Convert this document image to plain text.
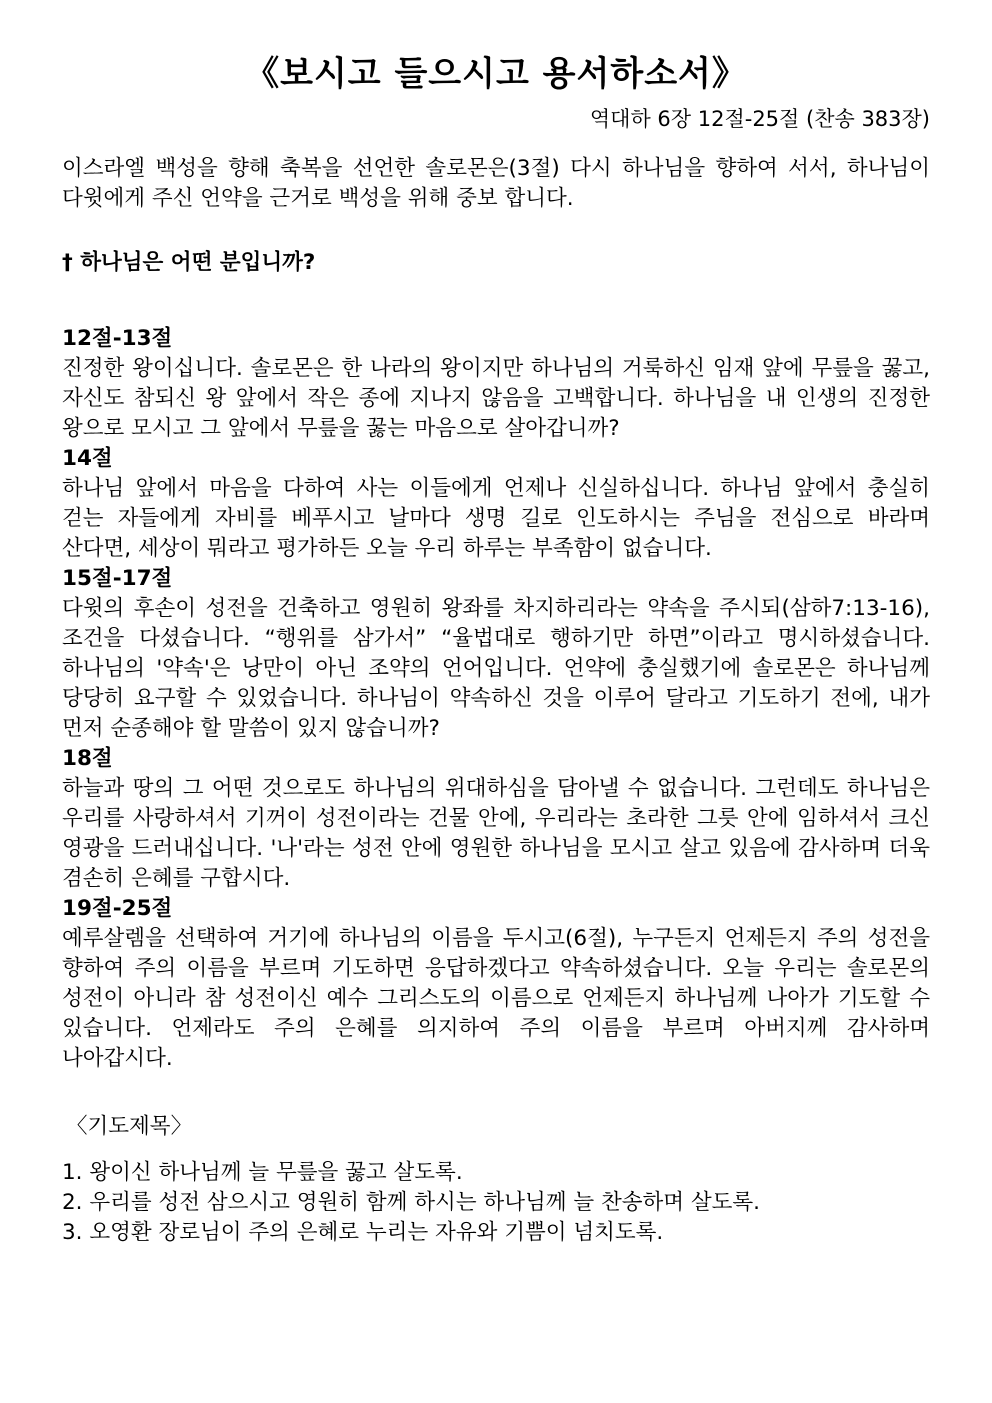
《보시고 들으시고 용서하소서》
역대하 6장 12절-25절 (찬송 383장)
이스라엘 백성을 향해 축복을 선언한 솔로몬은(3절) 다시 하나님을 향하여 서서, 하나님이 다윗에게 주신 언약을 근거로 백성을 위해 중보 합니다.
† 하나님은 어떤 분입니까?
12절-13절
진정한 왕이십니다. 솔로몬은 한 나라의 왕이지만 하나님의 거룩하신 임재 앞에 무릎을 꿇고, 자신도 참되신 왕 앞에서 작은 종에 지나지 않음을 고백합니다. 하나님을 내 인생의 진정한 왕으로 모시고 그 앞에서 무릎을 꿇는 마음으로 살아갑니까?
14절
하나님 앞에서 마음을 다하여 사는 이들에게 언제나 신실하십니다. 하나님 앞에서 충실히 걷는 자들에게 자비를 베푸시고 날마다 생명 길로 인도하시는 주님을 전심으로 바라며 산다면, 세상이 뭐라고 평가하든 오늘 우리 하루는 부족함이 없습니다.
15절-17절
다윗의 후손이 성전을 건축하고 영원히 왕좌를 차지하리라는 약속을 주시되(삼하7:13-16), 조건을 다셨습니다. “행위를 삼가서” “율법대로 행하기만 하면”이라고 명시하셨습니다. 하나님의 '약속'은 낭만이 아닌 조약의 언어입니다. 언약에 충실했기에 솔로몬은 하나님께 당당히 요구할 수 있었습니다. 하나님이 약속하신 것을 이루어 달라고 기도하기 전에, 내가 먼저 순종해야 할 말씀이 있지 않습니까?
18절
하늘과 땅의 그 어떤 것으로도 하나님의 위대하심을 담아낼 수 없습니다. 그런데도 하나님은 우리를 사랑하셔서 기꺼이 성전이라는 건물 안에, 우리라는 초라한 그릇 안에 임하셔서 크신 영광을 드러내십니다. '나'라는 성전 안에 영원한 하나님을 모시고 살고 있음에 감사하며 더욱 겸손히 은혜를 구합시다.
19절-25절
예루살렘을 선택하여 거기에 하나님의 이름을 두시고(6절), 누구든지 언제든지 주의 성전을 향하여 주의 이름을 부르며 기도하면 응답하겠다고 약속하셨습니다. 오늘 우리는 솔로몬의 성전이 아니라 참 성전이신 예수 그리스도의 이름으로 언제든지 하나님께 나아가 기도할 수 있습니다. 언제라도 주의 은혜를 의지하여 주의 이름을 부르며 아버지께 감사하며 나아갑시다.
〈기도제목〉
1. 왕이신 하나님께 늘 무릎을 꿇고 살도록.
2. 우리를 성전 삼으시고 영원히 함께 하시는 하나님께 늘 찬송하며 살도록.
3. 오영환 장로님이 주의 은혜로 누리는 자유와 기쁨이 넘치도록.
